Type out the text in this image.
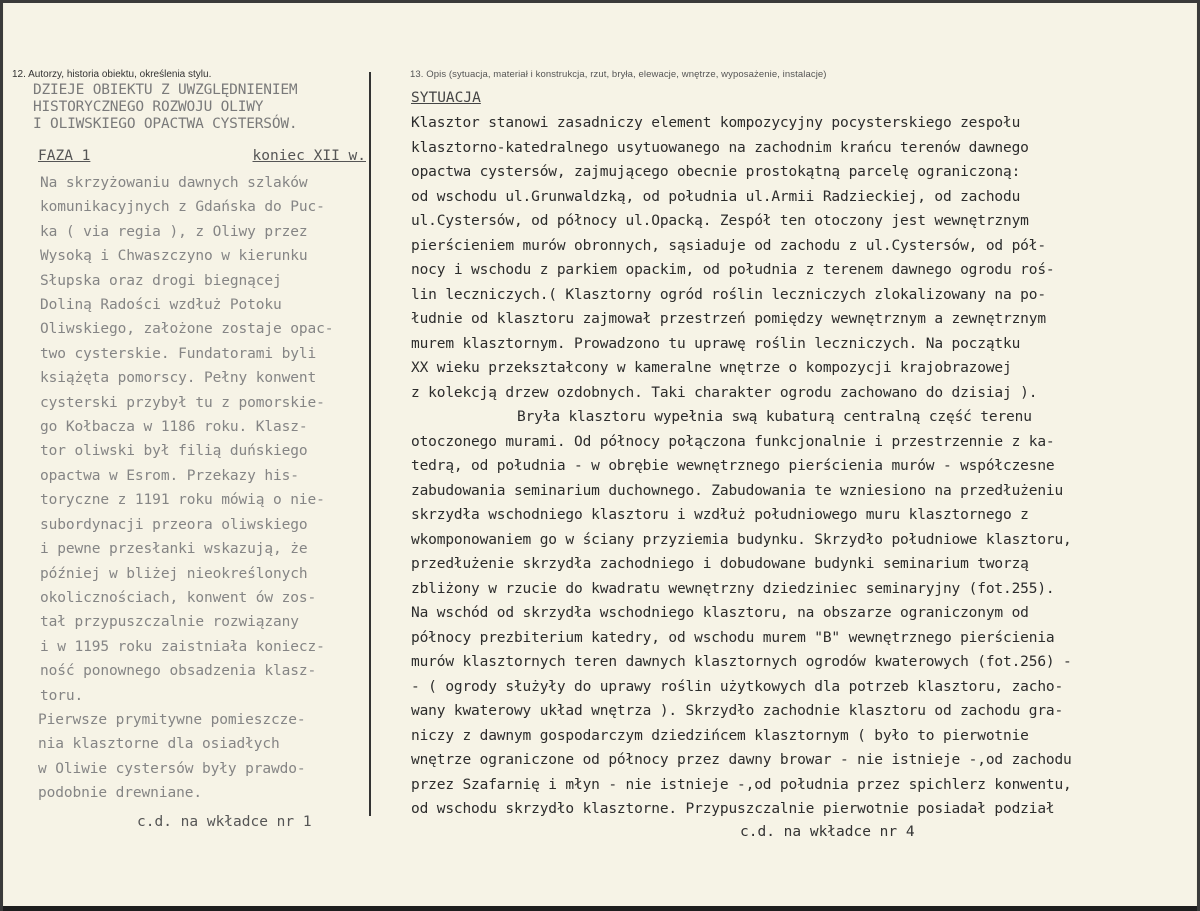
12. Autorzy, historia obiektu, określenia stylu.	13. Opis (sytuacja, materiał i konstrukcja, rzut, bryła, elewacje, wnętrze, wyposażenie, instalacje)
DZIEJE OBIEKTU Z UWZGLĘDNIENIEM
HISTORYCZNEGO ROZWOJU OLIWY
I OLIWSKIEGO OPACTWA CYSTERSÓW.
FAZA 1	koniec XII w.
Na skrzyżowaniu dawnych szlaków
komunikacyjnych z Gdańska do Puc-
ka ( via regia ), z Oliwy przez
Wysoką i Chwaszczyno w kierunku
Słupska oraz drogi biegnącej
Doliną Radości wzdłuż Potoku
Oliwskiego, założone zostaje opac-
two cysterskie. Fundatorami byli
książęta pomorscy. Pełny konwent
cysterski przybył tu z pomorskie-
go Kołbacza w 1186 roku. Klasz-
tor oliwski był filią duńskiego
opactwa w Esrom. Przekazy his-
toryczne z 1191 roku mówią o nie-
subordynacji przeora oliwskiego
i pewne przesłanki wskazują, że
później w bliżej nieokreślonych
okolicznościach, konwent ów zos-
tał przypuszczalnie rozwiązany
i w 1195 roku zaistniała koniecz-
ność ponownego obsadzenia klasz-
toru.
Pierwsze prymitywne pomieszcze-
nia klasztorne dla osiadłych
w Oliwie cystersów były prawdo-
podobnie drewniane.
c.d. na wkładce nr 1
SYTUACJA
Klasztor stanowi zasadniczy element kompozycyjny pocysterskiego zespołu
klasztorno-katedralnego usytuowanego na zachodnim krańcu terenów dawnego
opactwa cystersów, zajmującego obecnie prostokątną parcelę ograniczoną:
od wschodu ul.Grunwaldzką, od południa ul.Armii Radzieckiej, od zachodu
ul.Cystersów, od północy ul.Opacką. Zespół ten otoczony jest wewnętrznym
pierścieniem murów obronnych, sąsiaduje od zachodu z ul.Cystersów, od pół-
nocy i wschodu z parkiem opackim, od południa z terenem dawnego ogrodu roś-
lin leczniczych.( Klasztorny ogród roślin leczniczych zlokalizowany na po-
łudnie od klasztoru zajmował przestrzeń pomiędzy wewnętrznym a zewnętrznym
murem klasztornym. Prowadzono tu uprawę roślin leczniczych. Na początku
XX wieku przekształcony w kameralne wnętrze o kompozycji krajobrazowej
z kolekcją drzew ozdobnych. Taki charakter ogrodu zachowano do dzisiaj ).
Bryła klasztoru wypełnia swą kubaturą centralną część terenu
otoczonego murami. Od północy połączona funkcjonalnie i przestrzennie z ka-
tedrą, od południa - w obrębie wewnętrznego pierścienia murów - współczesne
zabudowania seminarium duchownego. Zabudowania te wzniesiono na przedłużeniu
skrzydła wschodniego klasztoru i wzdłuż południowego muru klasztornego z
wkomponowaniem go w ściany przyziemia budynku. Skrzydło południowe klasztoru,
przedłużenie skrzydła zachodniego i dobudowane budynki seminarium tworzą
zbliżony w rzucie do kwadratu wewnętrzny dziedziniec seminaryjny (fot.255).
Na wschód od skrzydła wschodniego klasztoru, na obszarze ograniczonym od
północy prezbiterium katedry, od wschodu murem "B" wewnętrznego pierścienia
murów klasztornych teren dawnych klasztornych ogrodów kwaterowych (fot.256) -
- ( ogrody służyły do uprawy roślin użytkowych dla potrzeb klasztoru, zacho-
wany kwaterowy układ wnętrza ). Skrzydło zachodnie klasztoru od zachodu gra-
niczy z dawnym gospodarczym dziedzińcem klasztornym ( było to pierwotnie
wnętrze ograniczone od północy przez dawny browar - nie istnieje -,od zachodu
przez Szafarnię i młyn - nie istnieje -,od południa przez spichlerz konwentu,
od wschodu skrzydło klasztorne. Przypuszczalnie pierwotnie posiadał podział
c.d. na wkładce nr 4
